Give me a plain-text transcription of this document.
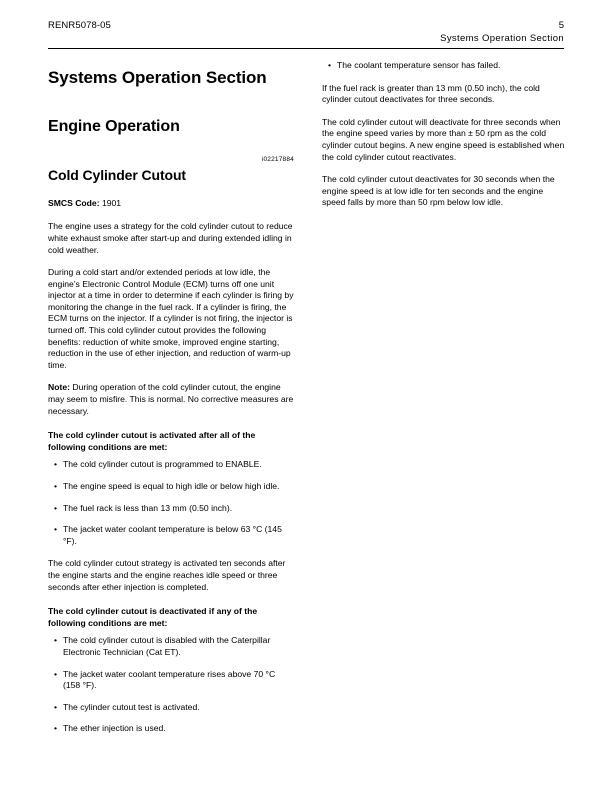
RENR5078-05	5
Systems Operation Section
Systems Operation Section
Engine Operation
i02217884
Cold Cylinder Cutout
SMCS Code: 1901

The engine uses a strategy for the cold cylinder cutout to reduce white exhaust smoke after start-up and during extended idling in cold weather.

During a cold start and/or extended periods at low idle, the engine’s Electronic Control Module (ECM) turns off one unit injector at a time in order to determine if each cylinder is firing by monitoring the change in the fuel rack. If a cylinder is firing, the ECM turns on the injector. If a cylinder is not firing, the injector is turned off. This cold cylinder cutout provides the following benefits: reduction of white smoke, improved engine starting, reduction in the use of ether injection, and reduction of warm-up time.

Note: During operation of the cold cylinder cutout, the engine may seem to misfire. This is normal. No corrective measures are necessary.

The cold cylinder cutout is activated after all of the following conditions are met:

• The cold cylinder cutout is programmed to ENABLE.
• The engine speed is equal to high idle or below high idle.
• The fuel rack is less than 13 mm (0.50 inch).
• The jacket water coolant temperature is below 63 °C (145 °F).

The cold cylinder cutout strategy is activated ten seconds after the engine starts and the engine reaches idle speed or three seconds after ether injection is completed.

The cold cylinder cutout is deactivated if any of the following conditions are met:

• The cold cylinder cutout is disabled with the Caterpillar Electronic Technician (Cat ET).
• The jacket water coolant temperature rises above 70 °C (158 °F).
• The cylinder cutout test is activated.
• The ether injection is used.
• The coolant temperature sensor has failed.

If the fuel rack is greater than 13 mm (0.50 inch), the cold cylinder cutout deactivates for three seconds.

The cold cylinder cutout will deactivate for three seconds when the engine speed varies by more than ± 50 rpm as the cold cylinder cutout begins. A new engine speed is established when the cold cylinder cutout reactivates.

The cold cylinder cutout deactivates for 30 seconds when the engine speed is at low idle for ten seconds and the engine speed falls by more than 50 rpm below low idle.
